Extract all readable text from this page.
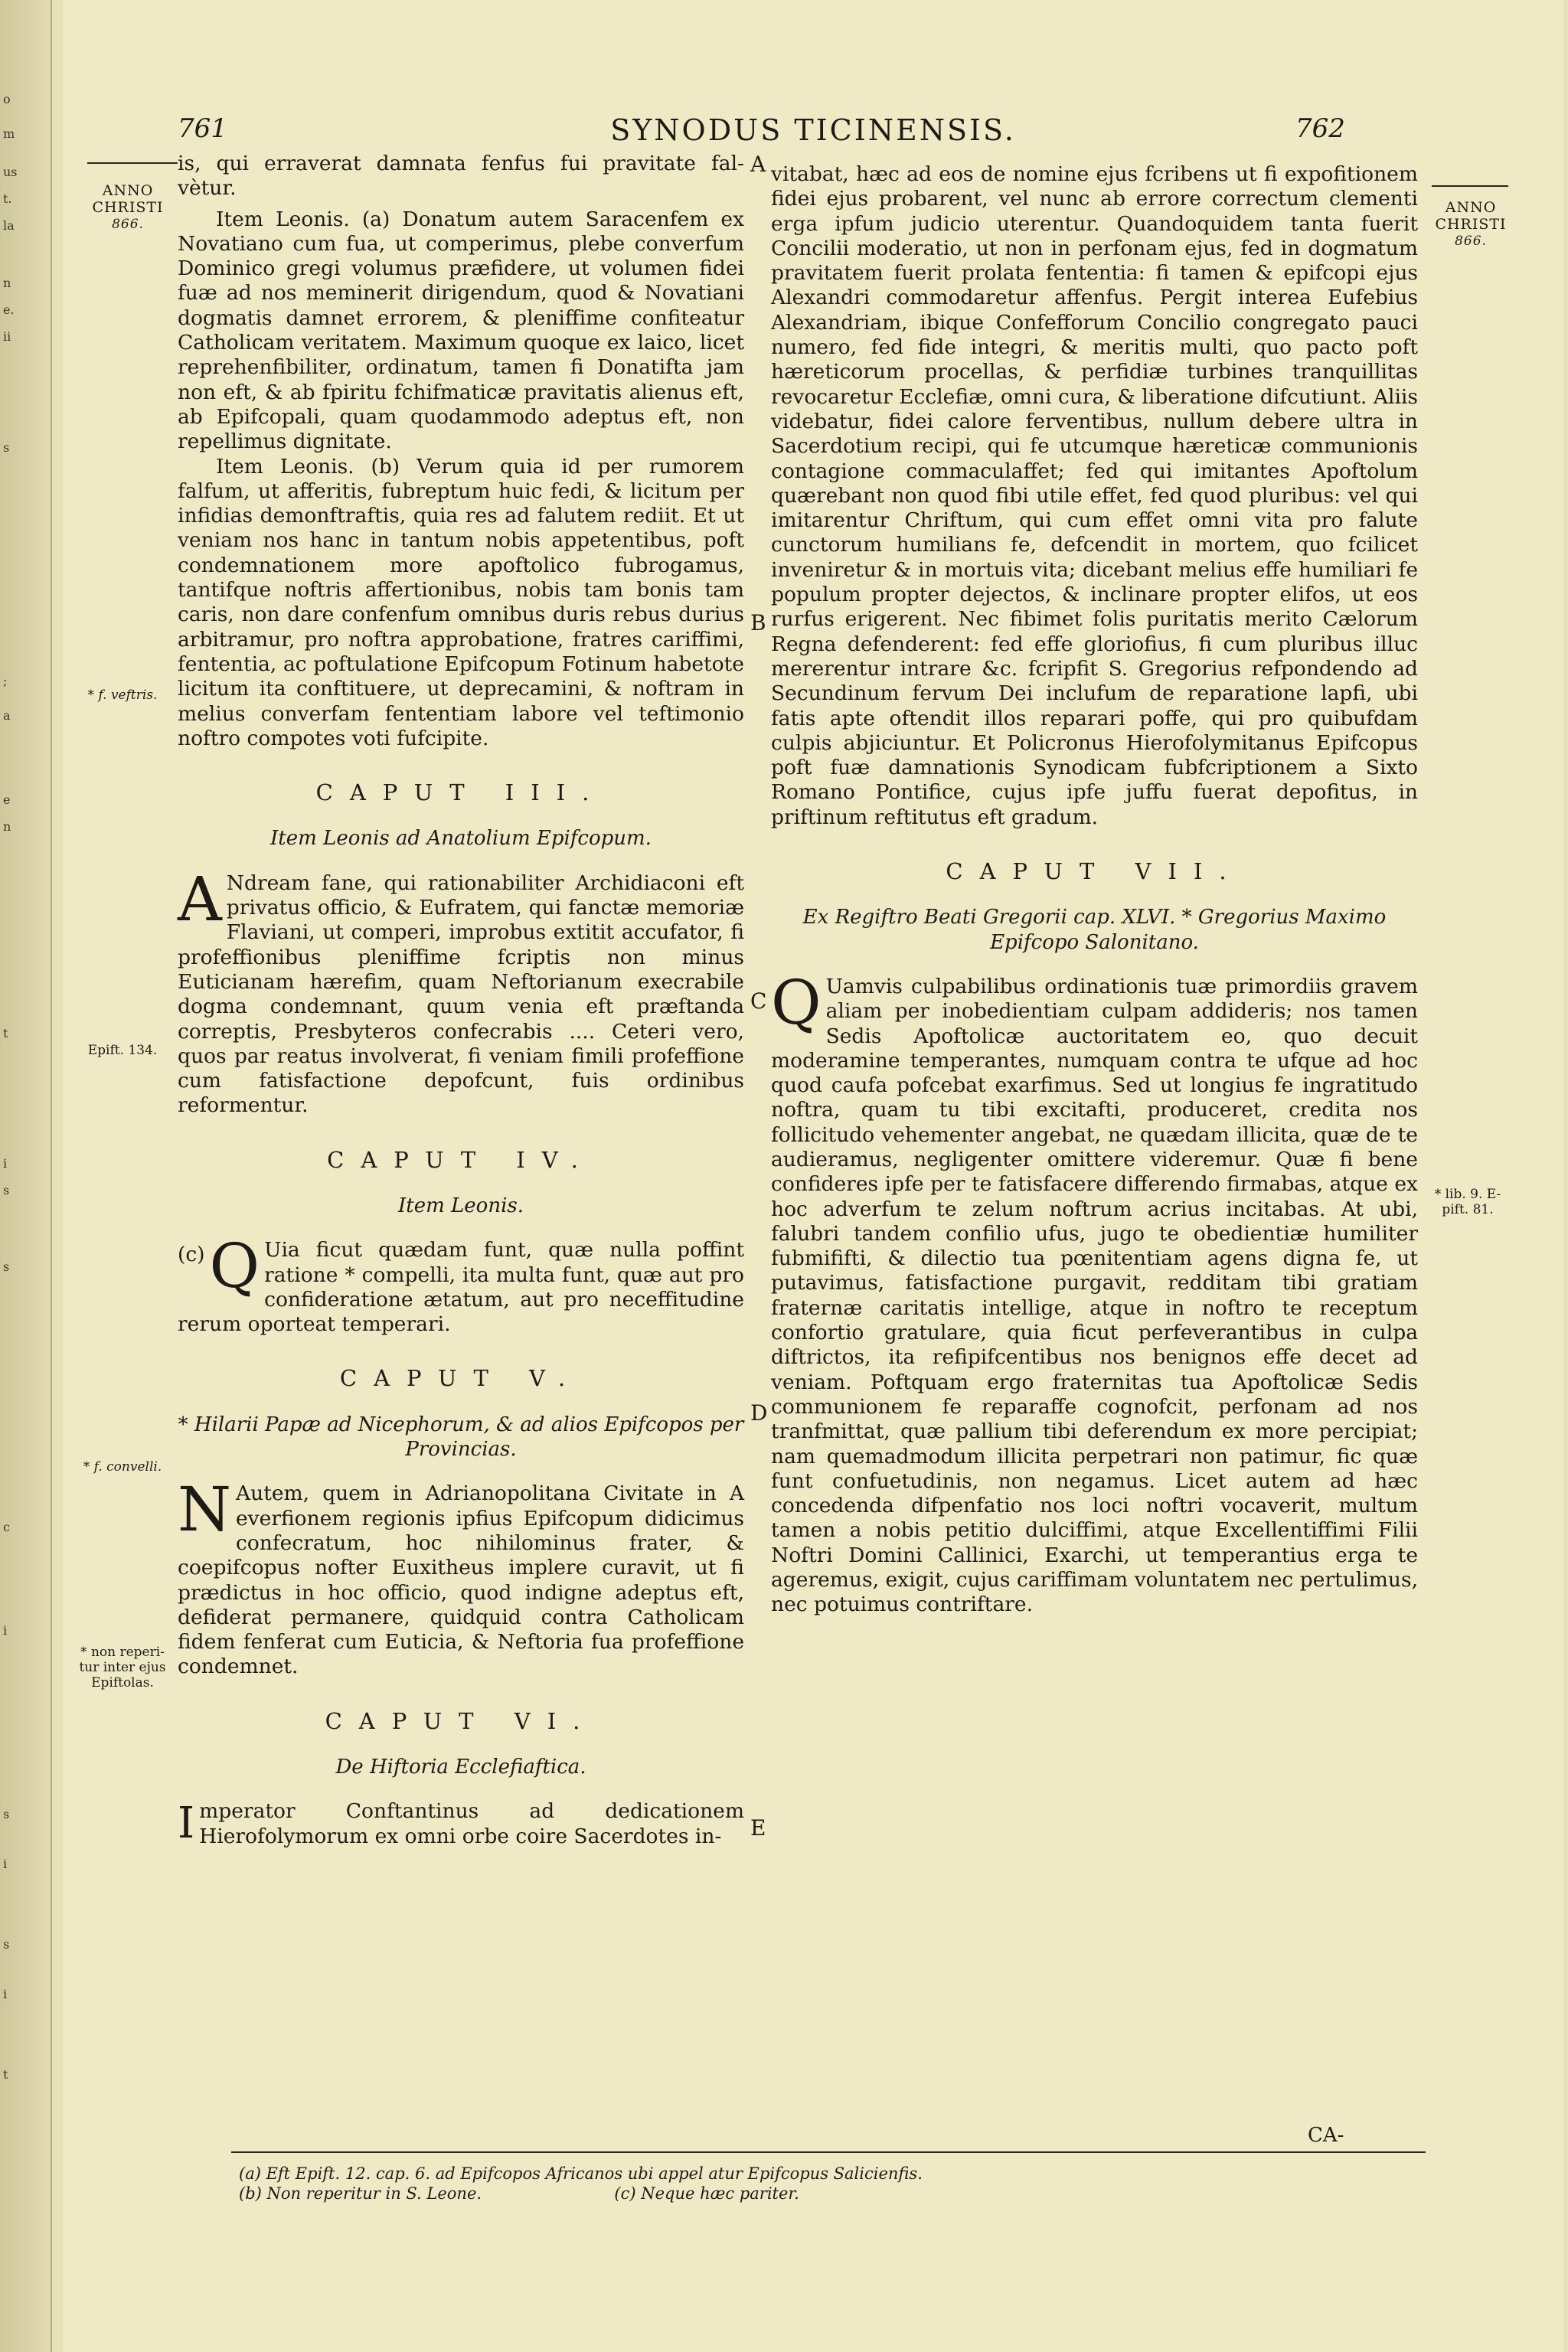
o
m
us
t.
la
n
e.
ii
s
;
a
e
n
t
i
s
s
c
i
s
i
s
i
t
761	SYNODUS TICINENSIS.	762
ANNO
CHRISTI
866.
* f. veftris.
Epift. 134.
* f. convelli.
* non reperi-
tur inter ejus
Epiftolas.
ANNO
CHRISTI
866.
* lib. 9. E-
pift. 81.
A
B
C
D
E

is, qui erraverat damnata fenfus fui pravitate fal- vètur.

Item Leonis. (a) Donatum autem Saracenfem ex Novatiano cum fua, ut comperimus, plebe converfum Dominico gregi volumus præfidere, ut volumen fidei fuæ ad nos meminerit dirigendum, quod & Novatiani dogmatis damnet errorem, & pleniffime confiteatur Catholicam veritatem. Maximum quoque ex laico, licet reprehenfibiliter, ordinatum, tamen fi Donatifta jam non eft, & ab fpiritu fchifmaticæ pravitatis alienus eft, ab Epifcopali, quam quodammodo adeptus eft, non repellimus dignitate.

Item Leonis. (b) Verum quia id per rumorem falfum, ut afferitis, fubreptum huic fedi, & licitum per infidias demonftraftis, quia res ad falutem rediit. Et ut veniam nos hanc in tantum nobis appetentibus, poft condemnationem more apoftolico fubrogamus, tantifque noftris affertionibus, nobis tam bonis tam caris, non dare confenfum omnibus duris rebus durius arbitramur, pro noftra approbatione, fratres cariffimi, fententia, ac poftulatione Epifcopum Fotinum habetote licitum ita conftituere, ut deprecamini, & noftram in melius converfam fententiam labore vel teftimonio noftro compotes voti fufcipite.

CAPUT III.
Item Leonis ad Anatolium Epifcopum.

A Ndream fane, qui rationabiliter Archidiaconi eft privatus officio, & Eufratem, qui fanctæ memoriæ Flaviani, ut comperi, improbus extitit accufator, fi profeffionibus pleniffime fcriptis non minus Euticianam hærefim, quam Neftorianum execrabile dogma condemnant, quum venia eft præftanda correptis, Presbyteros confecrabis .... Ceteri vero, quos par reatus involverat, fi veniam fimili profeffione cum fatisfactione depofcunt, fuis ordinibus reformentur.

CAPUT IV.
Item Leonis.

(c) Q Uia ficut quædam funt, quæ nulla poffint ratione * compelli, ita multa funt, quæ aut pro confideratione ætatum, aut pro neceffitudine rerum oporteat temperari.

CAPUT V.
* Hilarii Papæ ad Nicephorum, & ad alios Epifcopos per Provincias.

N Autem, quem in Adrianopolitana Civitate in A everfionem regionis ipfius Epifcopum didicimus confecratum, hoc nihilominus frater, & coepifcopus nofter Euxitheus implere curavit, ut fi prædictus in hoc officio, quod indigne adeptus eft, defiderat permanere, quidquid contra Catholicam fidem fenferat cum Euticia, & Neftoria fua profeffione condemnet.

CAPUT VI.
De Hiftoria Ecclefiaftica.

Imperator Conftantinus ad dedicationem Hierofolymorum ex omni orbe coire Sacerdotes in-

vitabat, hæc ad eos de nomine ejus fcribens ut fi expofitionem fidei ejus probarent, vel nunc ab errore correctum clementi erga ipfum judicio uterentur. Quandoquidem tanta fuerit Concilii moderatio, ut non in perfonam ejus, fed in dogmatum pravitatem fuerit prolata fententia: fi tamen & epifcopi ejus Alexandri commodaretur affenfus. Pergit interea Eufebius Alexandriam, ibique Confefforum Concilio congregato pauci numero, fed fide integri, & meritis multi, quo pacto poft hæreticorum procellas, & perfidiæ turbines tranquillitas revocaretur Ecclefiæ, omni cura, & liberatione difcutiunt. Aliis videbatur, fidei calore ferventibus, nullum debere ultra in Sacerdotium recipi, qui fe utcumque hæreticæ communionis contagione commaculaffet; fed qui imitantes Apoftolum quærebant non quod fibi utile effet, fed quod pluribus: vel qui imitarentur Chriftum, qui cum effet omni vita pro falute cunctorum humilians fe, defcendit in mortem, quo fcilicet inveniretur & in mortuis vita; dicebant melius effe humiliari fe populum propter dejectos, & inclinare propter elifos, ut eos rurfus erigerent. Nec fibimet folis puritatis merito Cælorum Regna defenderent: fed effe gloriofius, fi cum pluribus illuc mererentur intrare &c. fcripfit S. Gregorius refpondendo ad Secundinum fervum Dei inclufum de reparatione lapfi, ubi fatis apte oftendit illos reparari poffe, qui pro quibufdam culpis abjiciuntur. Et Policronus Hierofolymitanus Epifcopus poft fuæ damnationis Synodicam fubfcriptionem a Sixto Romano Pontifice, cujus ipfe juffu fuerat depofitus, in priftinum reftitutus eft gradum.

CAPUT VII.
Ex Regiftro Beati Gregorii cap. XLVI. * Gregorius Maximo Epifcopo Salonitano.

Q Uamvis culpabilibus ordinationis tuæ primordiis gravem aliam per inobedientiam culpam addideris; nos tamen Sedis Apoftolicæ auctoritatem eo, quo decuit moderamine temperantes, numquam contra te ufque ad hoc quod caufa pofcebat exarfimus. Sed ut longius fe ingratitudo noftra, quam tu tibi excitafti, produceret, credita nos follicitudo vehementer angebat, ne quædam illicita, quæ de te audieramus, negligenter omittere videremur. Quæ fi bene confideres ipfe per te fatisfacere differendo firmabas, atque ex hoc adverfum te zelum noftrum acrius incitabas. At ubi, falubri tandem confilio ufus, jugo te obedientiæ humiliter fubmififti, & dilectio tua pœnitentiam agens digna fe, ut putavimus, fatisfactione purgavit, redditam tibi gratiam fraternæ caritatis intellige, atque in noftro te receptum confortio gratulare, quia ficut perfeverantibus in culpa diftrictos, ita refipifcentibus nos benignos effe decet ad veniam. Poftquam ergo fraternitas tua Apoftolicæ Sedis communionem fe reparaffe cognofcit, perfonam ad nos tranfmittat, quæ pallium tibi deferendum ex more percipiat; nam quemadmodum illicita perpetrari non patimur, fic quæ funt confuetudinis, non negamus. Licet autem ad hæc concedenda difpenfatio nos loci noftri vocaverit, multum tamen a nobis petitio dulciffimi, atque Excellentiffimi Filii Noftri Domini Callinici, Exarchi, ut temperantius erga te ageremus, exigit, cujus cariffimam voluntatem nec pertulimus, nec potuimus contriftare.

CA-

(a) Eft Epift. 12. cap. 6. ad Epifcopos Africanos ubi appel atur Epifcopus Salicienfis.

(b) Non reperitur in S. Leone.	(c) Neque hæc pariter.
